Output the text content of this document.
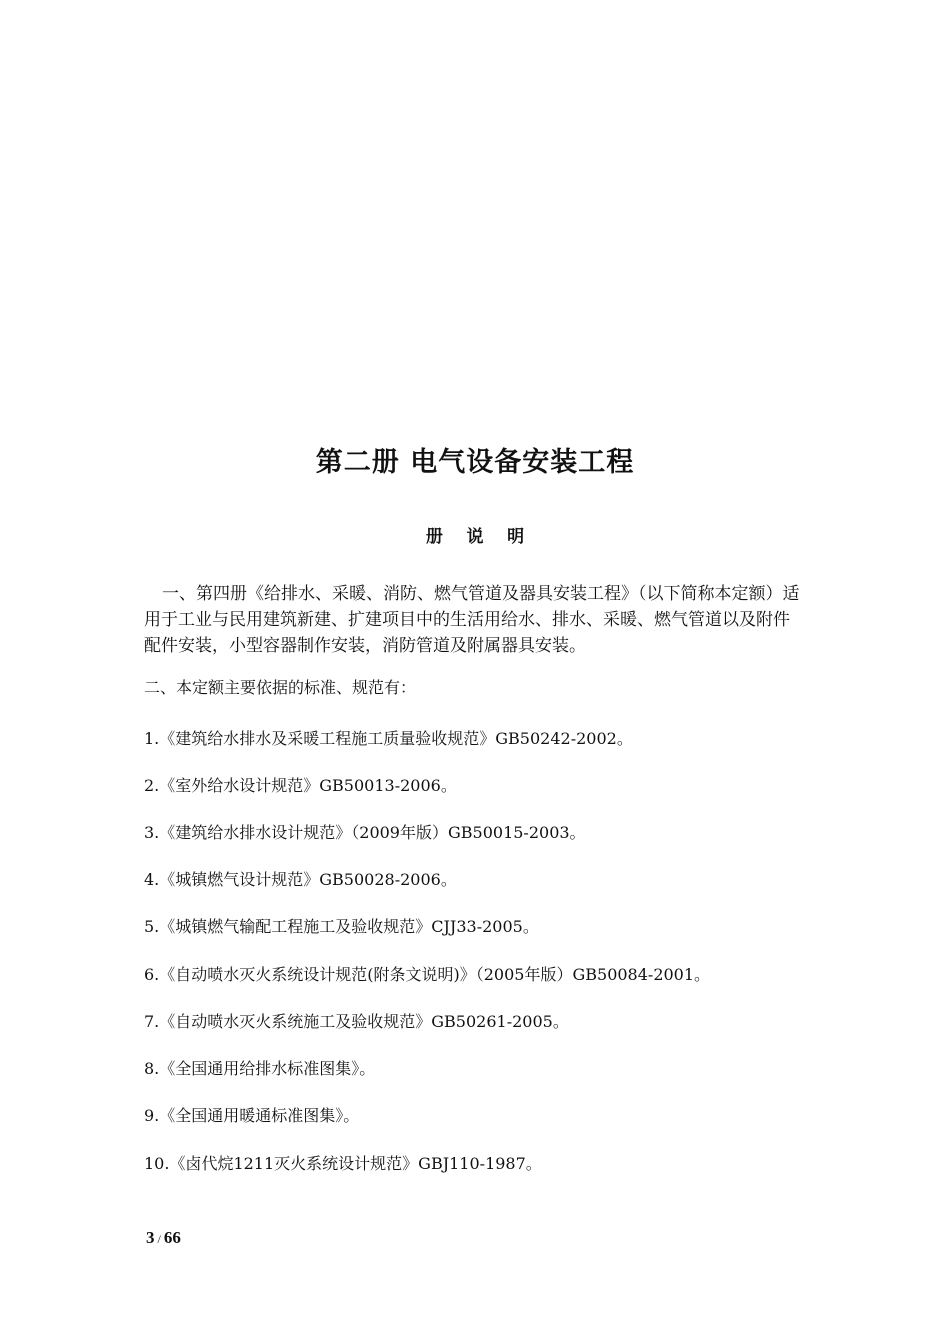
第二册 电气设备安装工程
册    说    明

一、第四册《给排水、采暖、消防、燃气管道及器具安装工程》（以下简称本定额）适用于工业与民用建筑新建、扩建项目中的生活用给水、排水、采暖、燃气管道以及附件配件安装，小型容器制作安装，消防管道及附属器具安装。

二、本定额主要依据的标准、规范有：
1.《建筑给水排水及采暖工程施工质量验收规范》GB50242-2002。
2.《室外给水设计规范》GB50013-2006。
3.《建筑给水排水设计规范》（2009年版）GB50015-2003。
4.《城镇燃气设计规范》GB50028-2006。
5.《城镇燃气输配工程施工及验收规范》CJJ33-2005。
6.《自动喷水灭火系统设计规范(附条文说明)》（2005年版）GB50084-2001。
7.《自动喷水灭火系统施工及验收规范》GB50261-2005。
8.《全国通用给排水标准图集》。
9.《全国通用暖通标准图集》。
10.《卤代烷1211灭火系统设计规范》GBJ110-1987。
3 / 66
